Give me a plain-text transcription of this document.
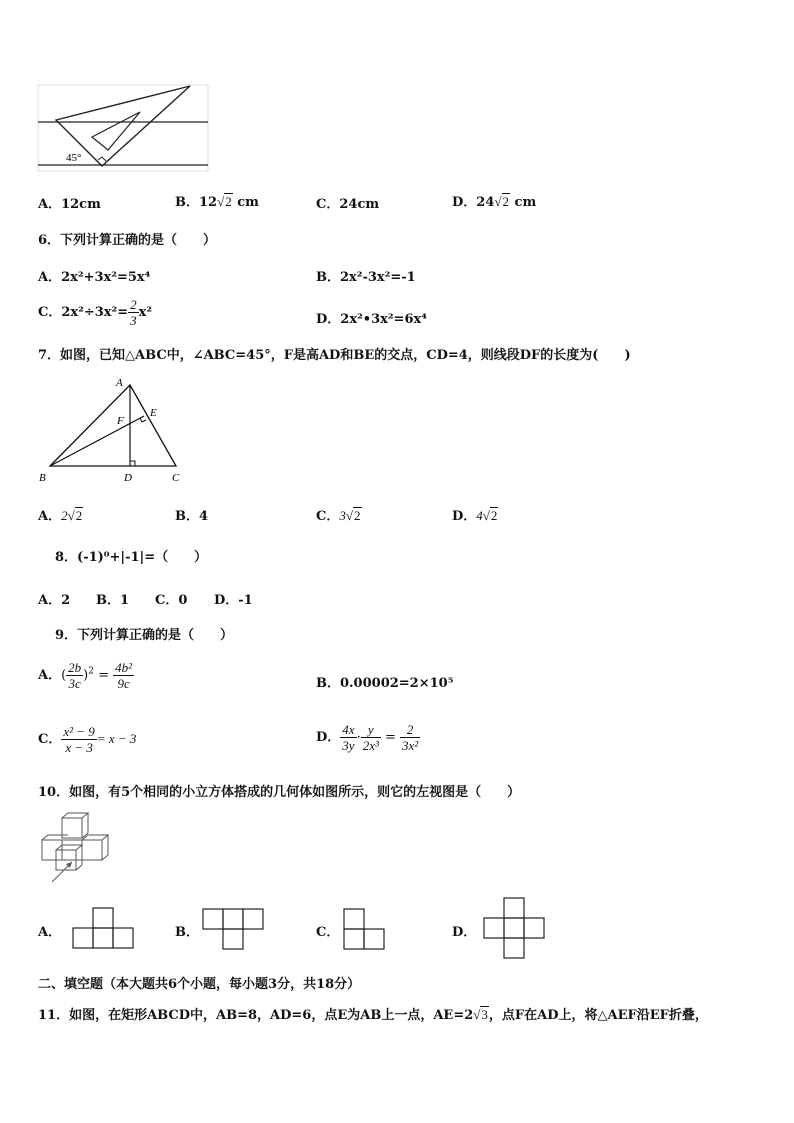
45°
A．12cm	B．12√2 cm	C．24cm	D．24√2 cm
6．下列计算正确的是（　　）
A．2x²+3x²=5x⁴	B．2x²-3x²=-1
C．$2x^2\div 3x^2= \frac{2}{3} x^2$	D．2x²•3x²=6x⁴
7．如图，已知△ABC中，∠ABC=45°，F是高AD和BE的交点，CD=4，则线段DF的长度为(　　)
A
B	C
D
E
F
A．2√2	B．4	C．3√2	D．4√2
8．(-1)⁰+|-1|=（　　）
A．2 B．1 C．0 D．-1
9．下列计算正确的是（　　）
A．( $\frac{2b}{3c} )^2 = \frac{\text{4b²}}{9c}$	B．0.00002=2×10⁵
C． $\frac{\text{x² − 9}}{x - 3} = x - 3$	D． $\frac{4x}{3y} \cdot \frac{y}{\text{2x³}} = \frac{2}{\text{3x²}}$
10．如图，有5个相同的小立方体搭成的几何体如图所示，则它的左视图是（　　）
A．	B．	C．	D．
二、填空题（本大题共6个小题，每小题3分，共18分）
11．如图，在矩形ABCD中，AB=8，AD=6，点E为AB上一点，AE=2√3，点F在AD上，将△AEF沿EF折叠，
